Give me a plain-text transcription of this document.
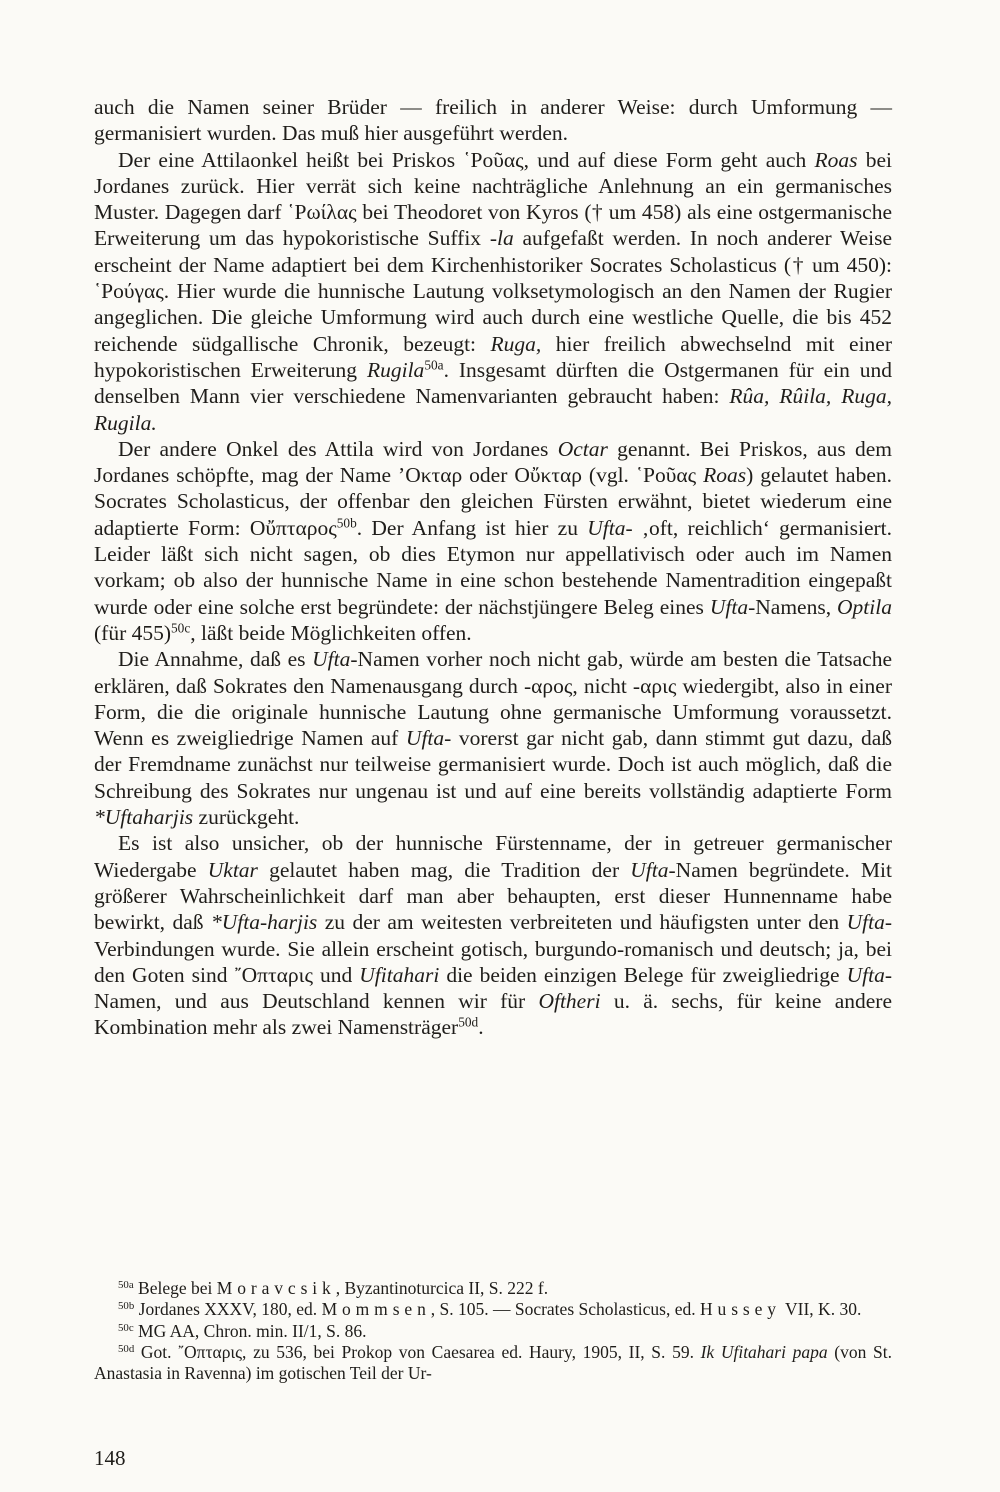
auch die Namen seiner Brüder — freilich in anderer Weise: durch Umformung — germanisiert wurden. Das muß hier ausgeführt werden.

Der eine Attilaonkel heißt bei Priskos ῾Ροῦας, und auf diese Form geht auch Roas bei Jordanes zurück. Hier verrät sich keine nachträgliche Anlehnung an ein germanisches Muster. Dagegen darf ῾Ρωίλας bei Theodoret von Kyros († um 458) als eine ostgermanische Erweiterung um das hypokoristische Suffix -la aufgefaßt werden. In noch anderer Weise erscheint der Name adaptiert bei dem Kirchenhistoriker Socrates Scholasticus († um 450): ῾Ρούγας. Hier wurde die hunnische Lautung volksetymologisch an den Namen der Rugier angeglichen. Die gleiche Umformung wird auch durch eine westliche Quelle, die bis 452 reichende südgallische Chronik, bezeugt: Ruga, hier freilich abwechselnd mit einer hypokoristischen Erweiterung Rugila$^{50a}$. Insgesamt dürften die Ostgermanen für ein und denselben Mann vier verschiedene Namenvarianten gebraucht haben: Rûa, Rûila, Ruga, Rugila.

Der andere Onkel des Attila wird von Jordanes Octar genannt. Bei Priskos, aus dem Jordanes schöpfte, mag der Name ’Οκταρ oder Οὔκταρ (vgl. ῾Ροῦας Roas) gelautet haben. Socrates Scholasticus, der offenbar den gleichen Fürsten erwähnt, bietet wiederum eine adaptierte Form: Οὔπταρος$^{50b}$. Der Anfang ist hier zu Ufta- ‚oft, reichlich‘ germanisiert. Leider läßt sich nicht sagen, ob dies Etymon nur appellativisch oder auch im Namen vorkam; ob also der hunnische Name in eine schon bestehende Namentradition eingepaßt wurde oder eine solche erst begründete: der nächstjüngere Beleg eines Ufta-Namens, Optila (für 455)$^{50c}$, läßt beide Möglichkeiten offen.

Die Annahme, daß es Ufta-Namen vorher noch nicht gab, würde am besten die Tatsache erklären, daß Sokrates den Namenausgang durch -αρος, nicht -αρις wiedergibt, also in einer Form, die die originale hunnische Lautung ohne germanische Umformung voraussetzt. Wenn es zweigliedrige Namen auf Ufta- vorerst gar nicht gab, dann stimmt gut dazu, daß der Fremdname zunächst nur teilweise germanisiert wurde. Doch ist auch möglich, daß die Schreibung des Sokrates nur ungenau ist und auf eine bereits vollständig adaptierte Form *Uftaharjis zurückgeht.

Es ist also unsicher, ob der hunnische Fürstenname, der in getreuer germanischer Wiedergabe Uktar gelautet haben mag, die Tradition der Ufta-Namen begründete. Mit größerer Wahrscheinlichkeit darf man aber behaupten, erst dieser Hunnenname habe bewirkt, daß *Ufta-harjis zu der am weitesten verbreiteten und häufigsten unter den Ufta-Verbindungen wurde. Sie allein erscheint gotisch, burgundo-romanisch und deutsch; ja, bei den Goten sind ῎Οπταρις und Ufitahari die beiden einzigen Belege für zweigliedrige Ufta-Namen, und aus Deutschland kennen wir für Oftheri u. ä. sechs, für keine andere Kombination mehr als zwei Namensträger$^{50d}$.

$^{50a}$ Belege bei Moravcsik, Byzantinoturcica II, S. 222 f.

$^{50b}$ Jordanes XXXV, 180, ed. Mommsen, S. 105. — Socrates Scholasticus, ed. Hussey VII, K. 30.

$^{50c}$ MG AA, Chron. min. II/1, S. 86.

$^{50d}$ Got. ῎Οπταρις, zu 536, bei Prokop von Caesarea ed. Haury, 1905, II, S. 59. Ik Ufitahari papa (von St. Anastasia in Ravenna) im gotischen Teil der Ur-

148
